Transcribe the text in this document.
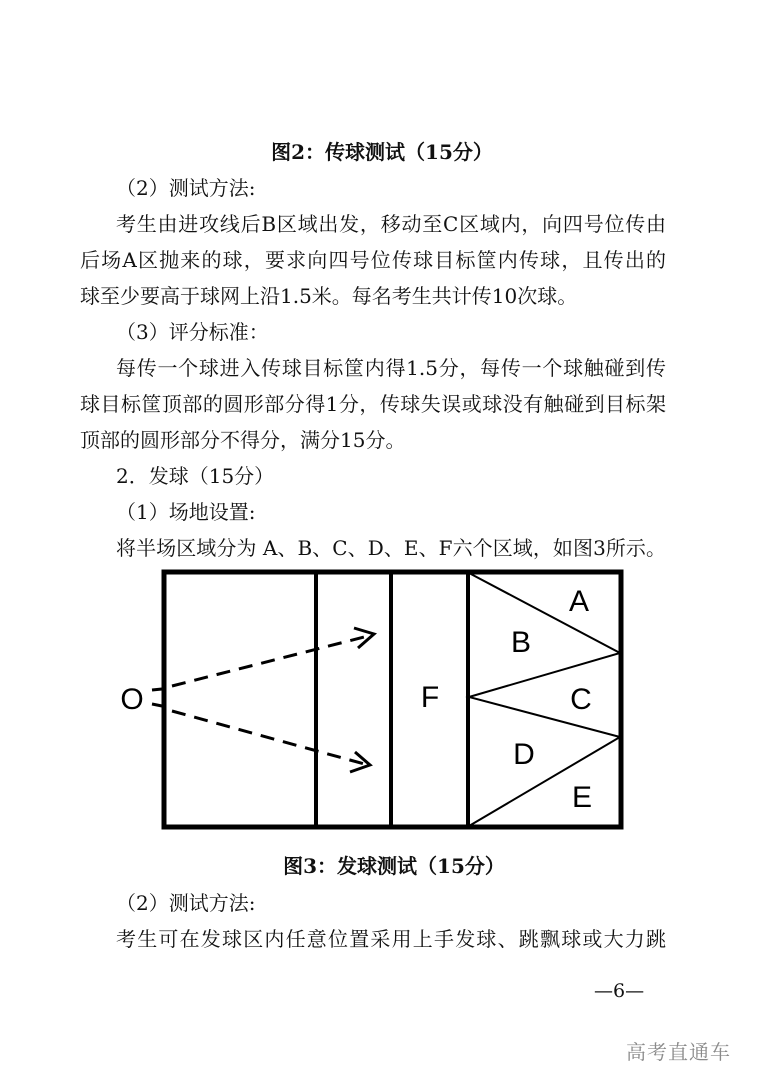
图2：传球测试（15分）
（2）测试方法:
考生由进攻线后B区域出发，移动至C区域内，向四号位传由
后场A区抛来的球，要求向四号位传球目标筐内传球，且传出的
球至少要高于球网上沿1.5米。每名考生共计传10次球。
（3）评分标准：
每传一个球进入传球目标筐内得1.5分，每传一个球触碰到传
球目标筐顶部的圆形部分得1分，传球失误或球没有触碰到目标架
顶部的圆形部分不得分，满分15分。
2．发球（15分）
（1）场地设置:
将半场区域分为 A、B、C、D、E、F六个区域，如图3所示。
O
A
B
C
D
E
F
图3：发球测试（15分）
（2）测试方法:
考生可在发球区内任意位置采用上手发球、跳飘球或大力跳
—6—
高考直通车
